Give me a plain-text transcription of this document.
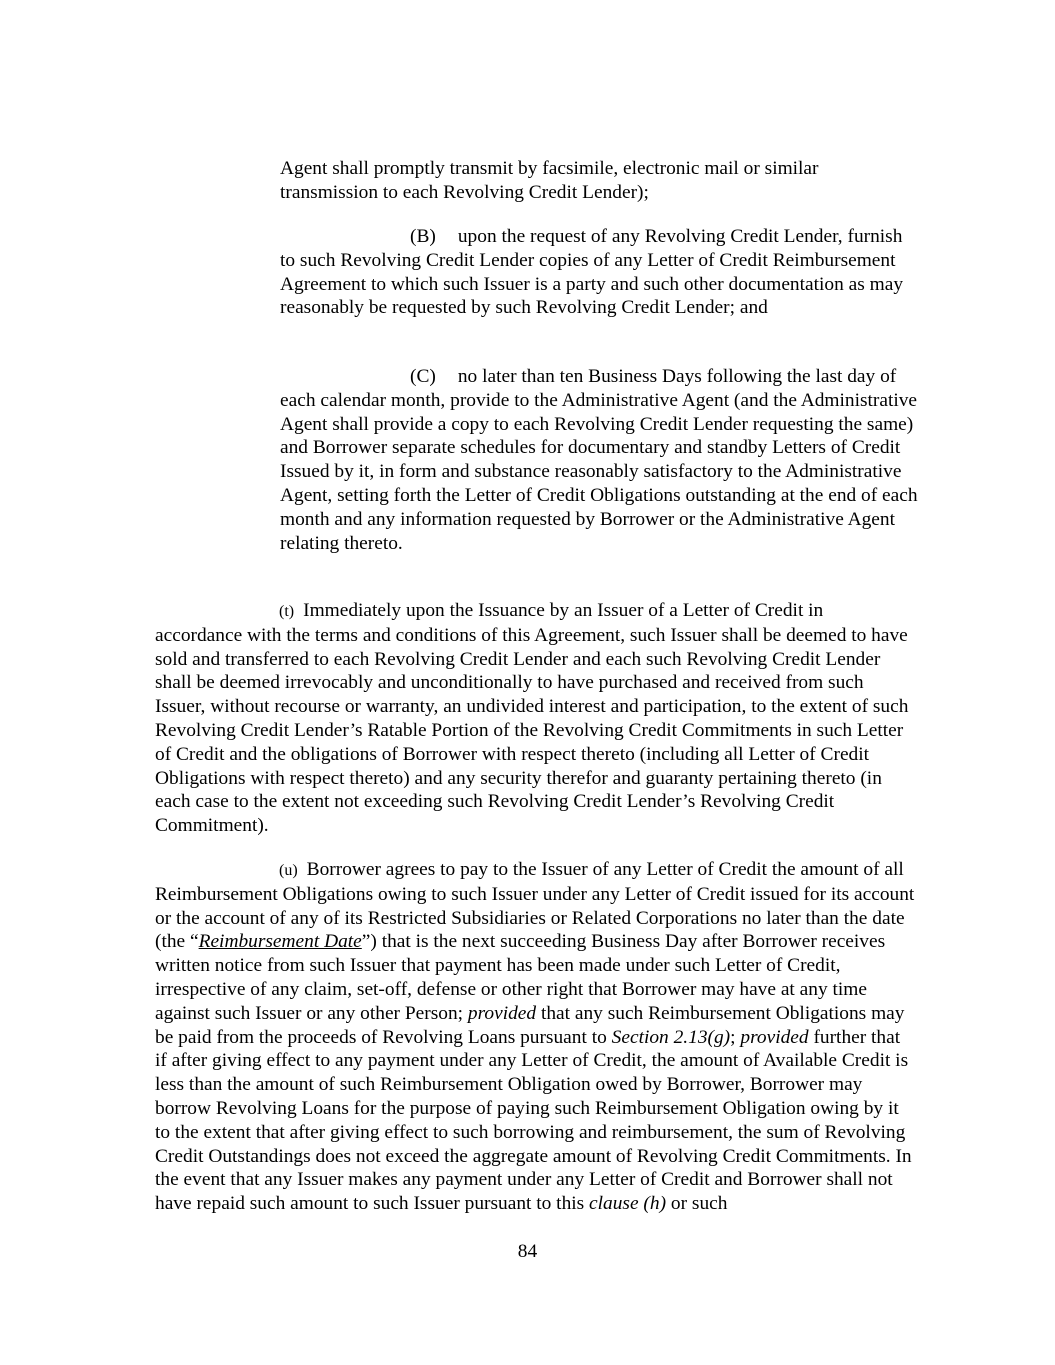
Agent shall promptly transmit by facsimile, electronic mail or similar transmission to each Revolving Credit Lender);

(B) upon the request of any Revolving Credit Lender, furnish to such Revolving Credit Lender copies of any Letter of Credit Reimbursement Agreement to which such Issuer is a party and such other documentation as may reasonably be requested by such Revolving Credit Lender; and

(C) no later than ten Business Days following the last day of each calendar month, provide to the Administrative Agent (and the Administrative Agent shall provide a copy to each Revolving Credit Lender requesting the same) and Borrower separate schedules for documentary and standby Letters of Credit Issued by it, in form and substance reasonably satisfactory to the Administrative Agent, setting forth the Letter of Credit Obligations outstanding at the end of each month and any information requested by Borrower or the Administrative Agent relating thereto.

(t) Immediately upon the Issuance by an Issuer of a Letter of Credit in accordance with the terms and conditions of this Agreement, such Issuer shall be deemed to have sold and transferred to each Revolving Credit Lender and each such Revolving Credit Lender shall be deemed irrevocably and unconditionally to have purchased and received from such Issuer, without recourse or warranty, an undivided interest and participation, to the extent of such Revolving Credit Lender’s Ratable Portion of the Revolving Credit Commitments in such Letter of Credit and the obligations of Borrower with respect thereto (including all Letter of Credit Obligations with respect thereto) and any security therefor and guaranty pertaining thereto (in each case to the extent not exceeding such Revolving Credit Lender’s Revolving Credit Commitment).

(u) Borrower agrees to pay to the Issuer of any Letter of Credit the amount of all Reimbursement Obligations owing to such Issuer under any Letter of Credit issued for its account or the account of any of its Restricted Subsidiaries or Related Corporations no later than the date (the “Reimbursement Date”) that is the next succeeding Business Day after Borrower receives written notice from such Issuer that payment has been made under such Letter of Credit, irrespective of any claim, set-off, defense or other right that Borrower may have at any time against such Issuer or any other Person; provided that any such Reimbursement Obligations may be paid from the proceeds of Revolving Loans pursuant to Section 2.13(g); provided further that if after giving effect to any payment under any Letter of Credit, the amount of Available Credit is less than the amount of such Reimbursement Obligation owed by Borrower, Borrower may borrow Revolving Loans for the purpose of paying such Reimbursement Obligation owing by it to the extent that after giving effect to such borrowing and reimbursement, the sum of Revolving Credit Outstandings does not exceed the aggregate amount of Revolving Credit Commitments. In the event that any Issuer makes any payment under any Letter of Credit and Borrower shall not have repaid such amount to such Issuer pursuant to this clause (h) or such

84
